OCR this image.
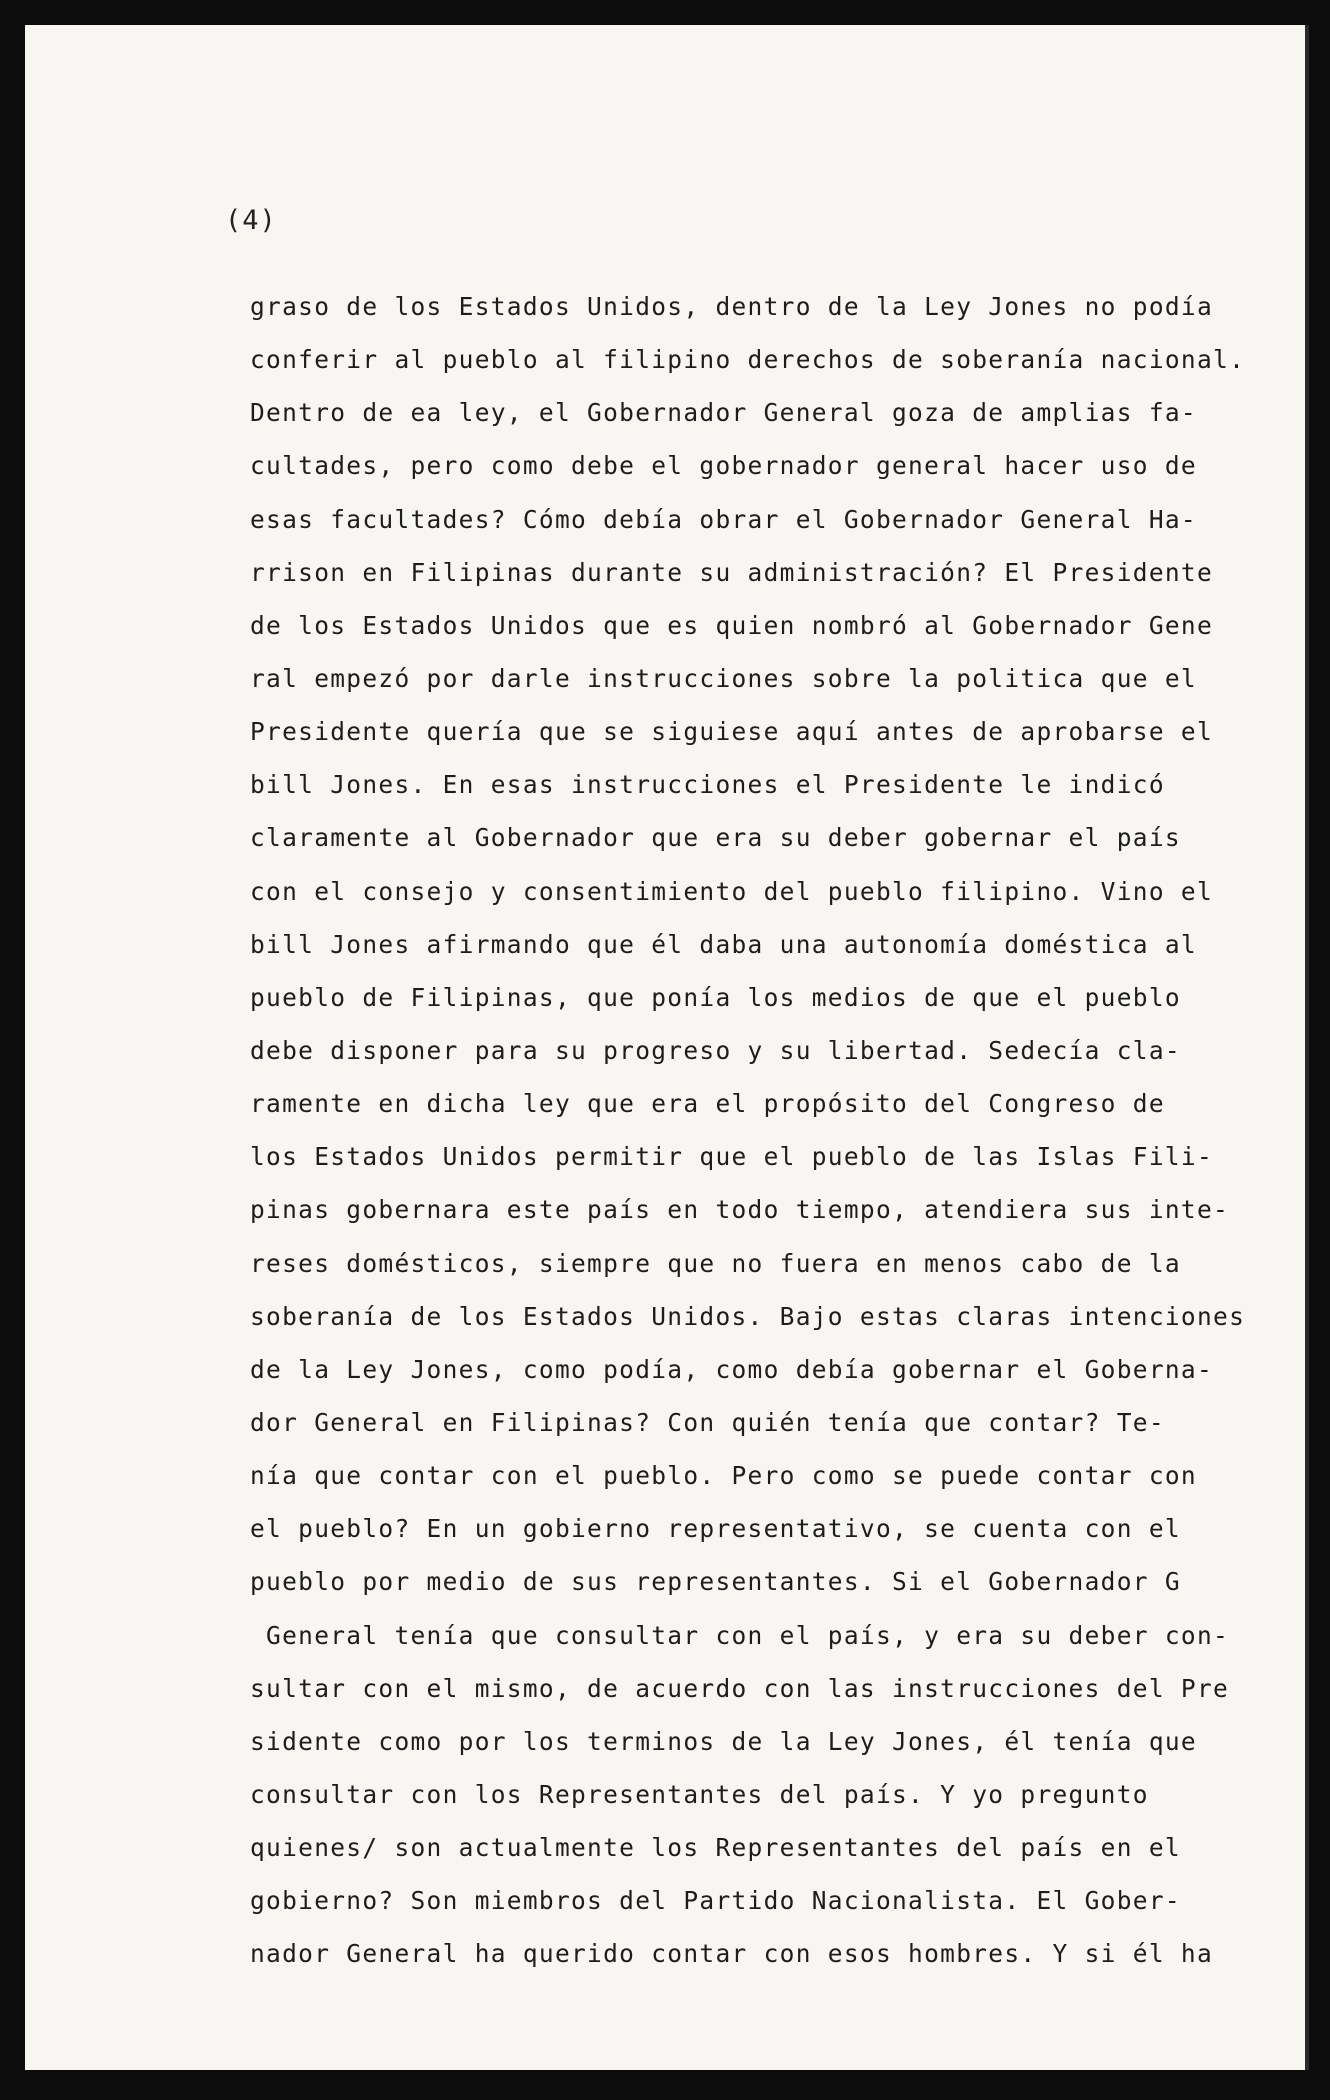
(4)
graso de los Estados Unidos, dentro de la Ley Jones no podía
conferir al pueblo al filipino derechos de soberanía nacional.
Dentro de ea ley, el Gobernador General goza de amplias fa-
cultades, pero como debe el gobernador general hacer uso de
esas facultades? Cómo debía obrar el Gobernador General Ha-
rrison en Filipinas durante su administración? El Presidente
de los Estados Unidos que es quien nombró al Gobernador Gene
ral empezó por darle instrucciones sobre la politica que el
Presidente quería que se siguiese aquí antes de aprobarse el
bill Jones. En esas instrucciones el Presidente le indicó
claramente al Gobernador que era su deber gobernar el país
con el consejo y consentimiento del pueblo filipino. Vino el
bill Jones afirmando que él daba una autonomía doméstica al
pueblo de Filipinas, que ponía los medios de que el pueblo
debe disponer para su progreso y su libertad. Sedecía cla-
ramente en dicha ley que era el propósito del Congreso de
los Estados Unidos permitir que el pueblo de las Islas Fili-
pinas gobernara este país en todo tiempo, atendiera sus inte-
reses domésticos, siempre que no fuera en menos cabo de la
soberanía de los Estados Unidos. Bajo estas claras intenciones
de la Ley Jones, como podía, como debía gobernar el Goberna-
dor General en Filipinas? Con quién tenía que contar? Te-
nía que contar con el pueblo. Pero como se puede contar con
el pueblo? En un gobierno representativo, se cuenta con el
pueblo por medio de sus representantes. Si el Gobernador G
General tenía que consultar con el país, y era su deber con-
sultar con el mismo, de acuerdo con las instrucciones del Pre
sidente como por los terminos de la Ley Jones, él tenía que
consultar con los Representantes del país. Y yo pregunto
quienes/ son actualmente los Representantes del país en el
gobierno? Son miembros del Partido Nacionalista. El Gober-
nador General ha querido contar con esos hombres. Y si él ha
